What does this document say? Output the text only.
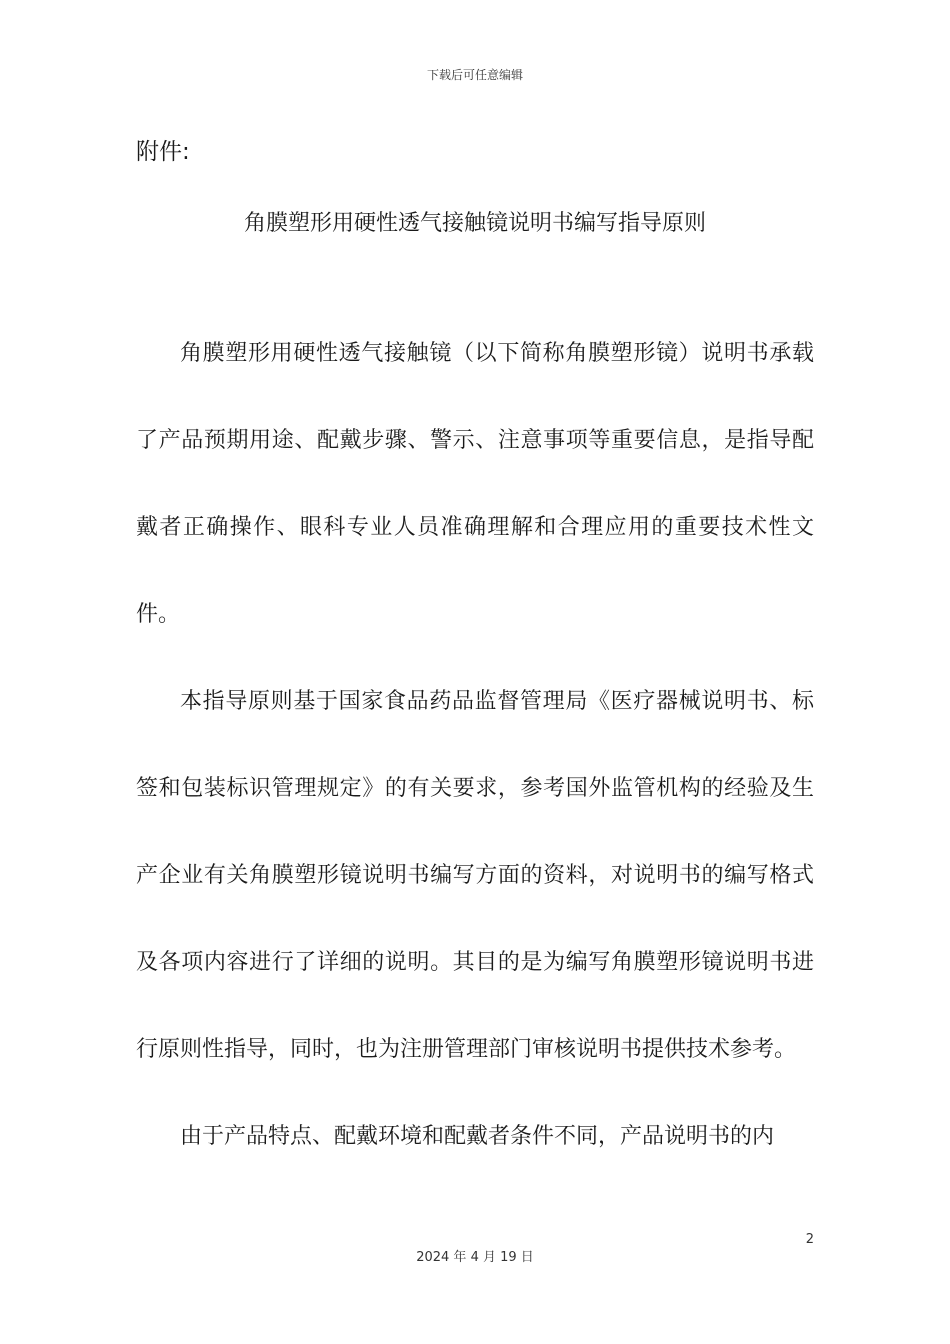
下载后可任意编辑
附件:
角膜塑形用硬性透气接触镜说明书编写指导原则

角膜塑形用硬性透气接触镜（以下简称角膜塑形镜）说明书承载了产品预期用途、配戴步骤、警示、注意事项等重要信息，是指导配戴者正确操作、眼科专业人员准确理解和合理应用的重要技术性文件。

本指导原则基于国家食品药品监督管理局《医疗器械说明书、标签和包装标识管理规定》的有关要求，参考国外监管机构的经验及生产企业有关角膜塑形镜说明书编写方面的资料，对说明书的编写格式及各项内容进行了详细的说明。其目的是为编写角膜塑形镜说明书进行原则性指导，同时，也为注册管理部门审核说明书提供技术参考。

由于产品特点、配戴环境和配戴者条件不同，产品说明书的内

2
2024 年 4 月 19 日
